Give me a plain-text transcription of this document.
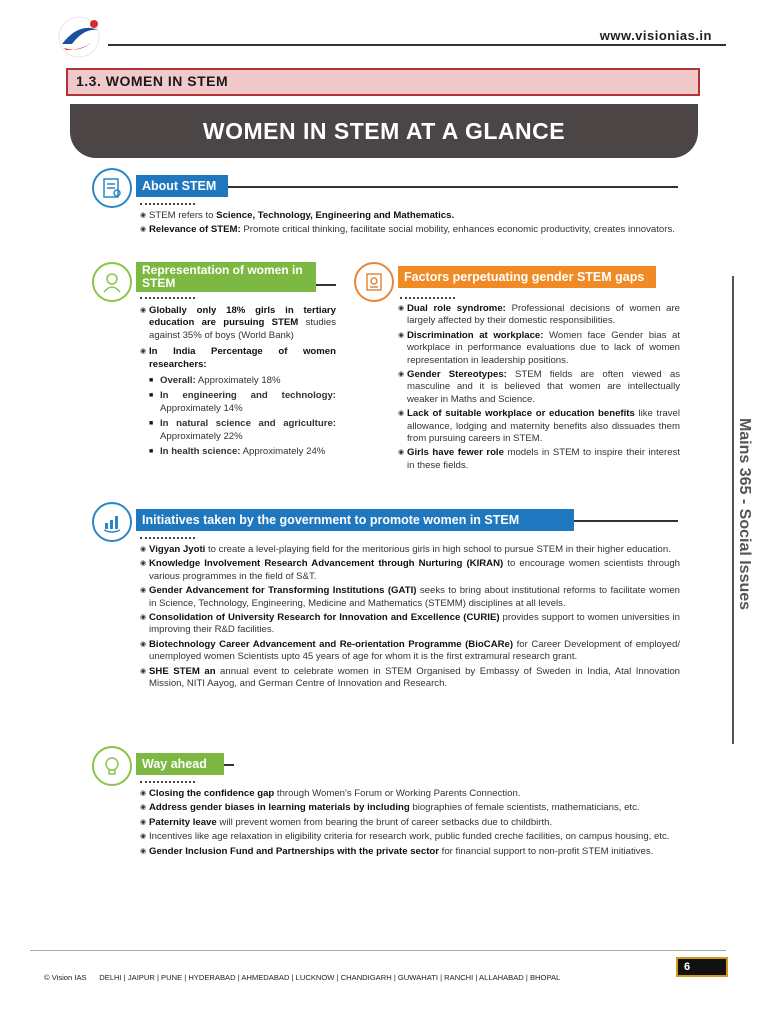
www.visionias.in
1.3. WOMEN IN STEM
WOMEN IN STEM AT A GLANCE
About STEM
◉ STEM refers to Science, Technology, Engineering and Mathematics.
◉ Relevance of STEM: Promote critical thinking, facilitate social mobility, enhances economic productivity, creates innovators.
Representation of women in STEM
◉ Globally only 18% girls in tertiary education are pursuing STEM studies against 35% of boys (World Bank)
◉ In India Percentage of women researchers:
■ Overall: Approximately 18%
■ In engineering and technology: Approximately 14%
■ In natural science and agriculture: Approximately 22%
■ In health science: Approximately 24%
Factors perpetuating gender STEM gaps
◉ Dual role syndrome: Professional decisions of women are largely affected by their domestic responsibilities.
◉ Discrimination at workplace: Women face Gender bias at workplace in performance evaluations due to lack of women representation in leadership positions.
◉ Gender Stereotypes: STEM fields are often viewed as masculine and it is believed that women are intellectually weaker in Maths and Science.
◉ Lack of suitable workplace or education benefits like travel allowance, lodging and maternity benefits also dissuades them from pursuing careers in STEM.
◉ Girls have fewer role models in STEM to inspire their interest in these fields.
Initiatives taken by the government to promote women in STEM
◉ Vigyan Jyoti to create a level-playing field for the meritorious girls in high school to pursue STEM in their higher education.
◉ Knowledge Involvement Research Advancement through Nurturing (KIRAN) to encourage women scientists through various programmes in the field of S&T.
◉ Gender Advancement for Transforming Institutions (GATI) seeks to bring about institutional reforms to facilitate women in Science, Technology, Engineering, Medicine and Mathematics (STEMM) disciplines at all levels.
◉ Consolidation of University Research for Innovation and Excellence (CURIE) provides support to women universities in improving their R&D facilities.
◉ Biotechnology Career Advancement and Re-orientation Programme (BioCARe) for Career Development of employed/ unemployed women Scientists upto 45 years of age for whom it is the first extramural research grant.
◉ SHE STEM an annual event to celebrate women in STEM Organised by Embassy of Sweden in India, Atal Innovation Mission, NITI Aayog, and German Centre of Innovation and Research.
Way ahead
◉ Closing the confidence gap through Women's Forum or Working Parents Connection.
◉ Address gender biases in learning materials by including biographies of female scientists, mathematicians, etc.
◉ Paternity leave will prevent women from bearing the brunt of career setbacks due to childbirth.
◉ Incentives like age relaxation in eligibility criteria for research work, public funded creche facilities, on campus housing, etc.
◉ Gender Inclusion Fund and Partnerships with the private sector for financial support to non-profit STEM initiatives.
Mains 365 - Social Issues
© Vision IAS DELHI | JAIPUR | PUNE | HYDERABAD | AHMEDABAD | LUCKNOW | CHANDIGARH | GUWAHATI | RANCHI | ALLAHABAD | BHOPAL
6
